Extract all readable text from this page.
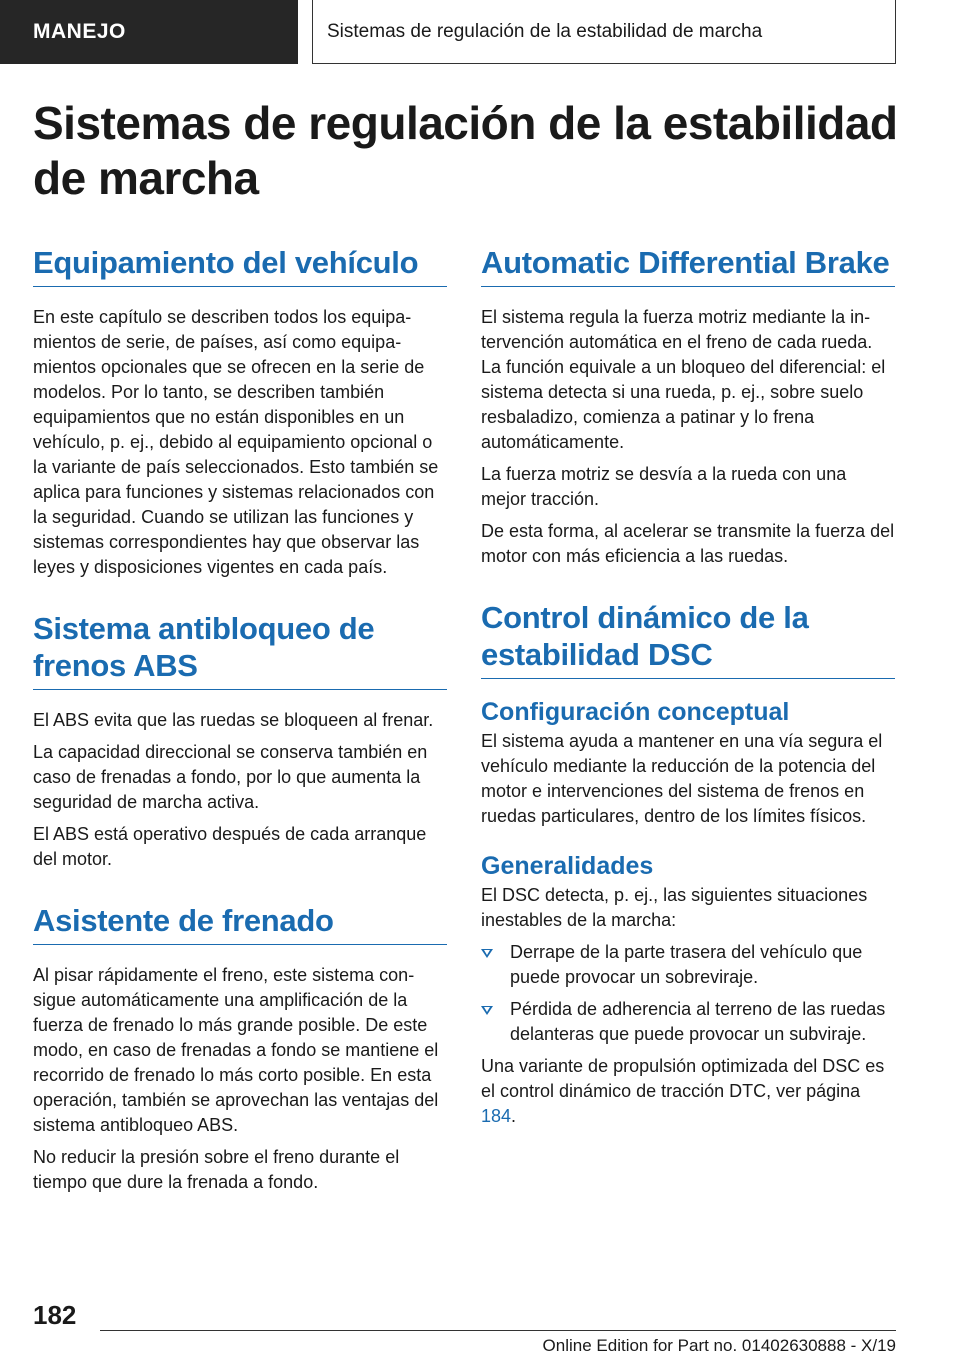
MANEJO	Sistemas de regulación de la estabilidad de marcha
Sistemas de regulación de la estabilidad de marcha
Equipamiento del vehículo

En este capítulo se describen todos los equipamientos de serie, de países, así como equipamientos opcionales que se ofrecen en la serie de modelos. Por lo tanto, se describen también equipamientos que no están disponibles en un vehículo, p. ej., debido al equipamiento opcional o la variante de país seleccionados. Esto también se aplica para funciones y sistemas relacionados con la seguridad. Cuando se utilizan las funciones y sistemas correspondientes hay que observar las leyes y disposiciones vigentes en cada país.

Sistema antibloqueo de frenos ABS

El ABS evita que las ruedas se bloqueen al frenar.

La capacidad direccional se conserva también en caso de frenadas a fondo, por lo que aumenta la seguridad de marcha activa.

El ABS está operativo después de cada arranque del motor.

Asistente de frenado

Al pisar rápidamente el freno, este sistema consigue automáticamente una amplificación de la fuerza de frenado lo más grande posible. De este modo, en caso de frenadas a fondo se mantiene el recorrido de frenado lo más corto posible. En esta operación, también se aprovechan las ventajas del sistema antibloqueo ABS.

No reducir la presión sobre el freno durante el tiempo que dure la frenada a fondo.

Automatic Differential Brake

El sistema regula la fuerza motriz mediante la intervención automática en el freno de cada rueda. La función equivale a un bloqueo del diferencial: el sistema detecta si una rueda, p. ej., sobre suelo resbaladizo, comienza a patinar y lo frena automáticamente.

La fuerza motriz se desvía a la rueda con una mejor tracción.

De esta forma, al acelerar se transmite la fuerza del motor con más eficiencia a las ruedas.

Control dinámico de la estabilidad DSC
Configuración conceptual

El sistema ayuda a mantener en una vía segura el vehículo mediante la reducción de la potencia del motor e intervenciones del sistema de frenos en ruedas particulares, dentro de los límites físicos.

Generalidades

El DSC detecta, p. ej., las siguientes situaciones inestables de la marcha:

Derrape de la parte trasera del vehículo que puede provocar un sobreviraje.
Pérdida de adherencia al terreno de las ruedas delanteras que puede provocar un subviraje.

Una variante de propulsión optimizada del DSC es el control dinámico de tracción DTC, ver página 184.

182
Online Edition for Part no. 01402630888 - X/19
